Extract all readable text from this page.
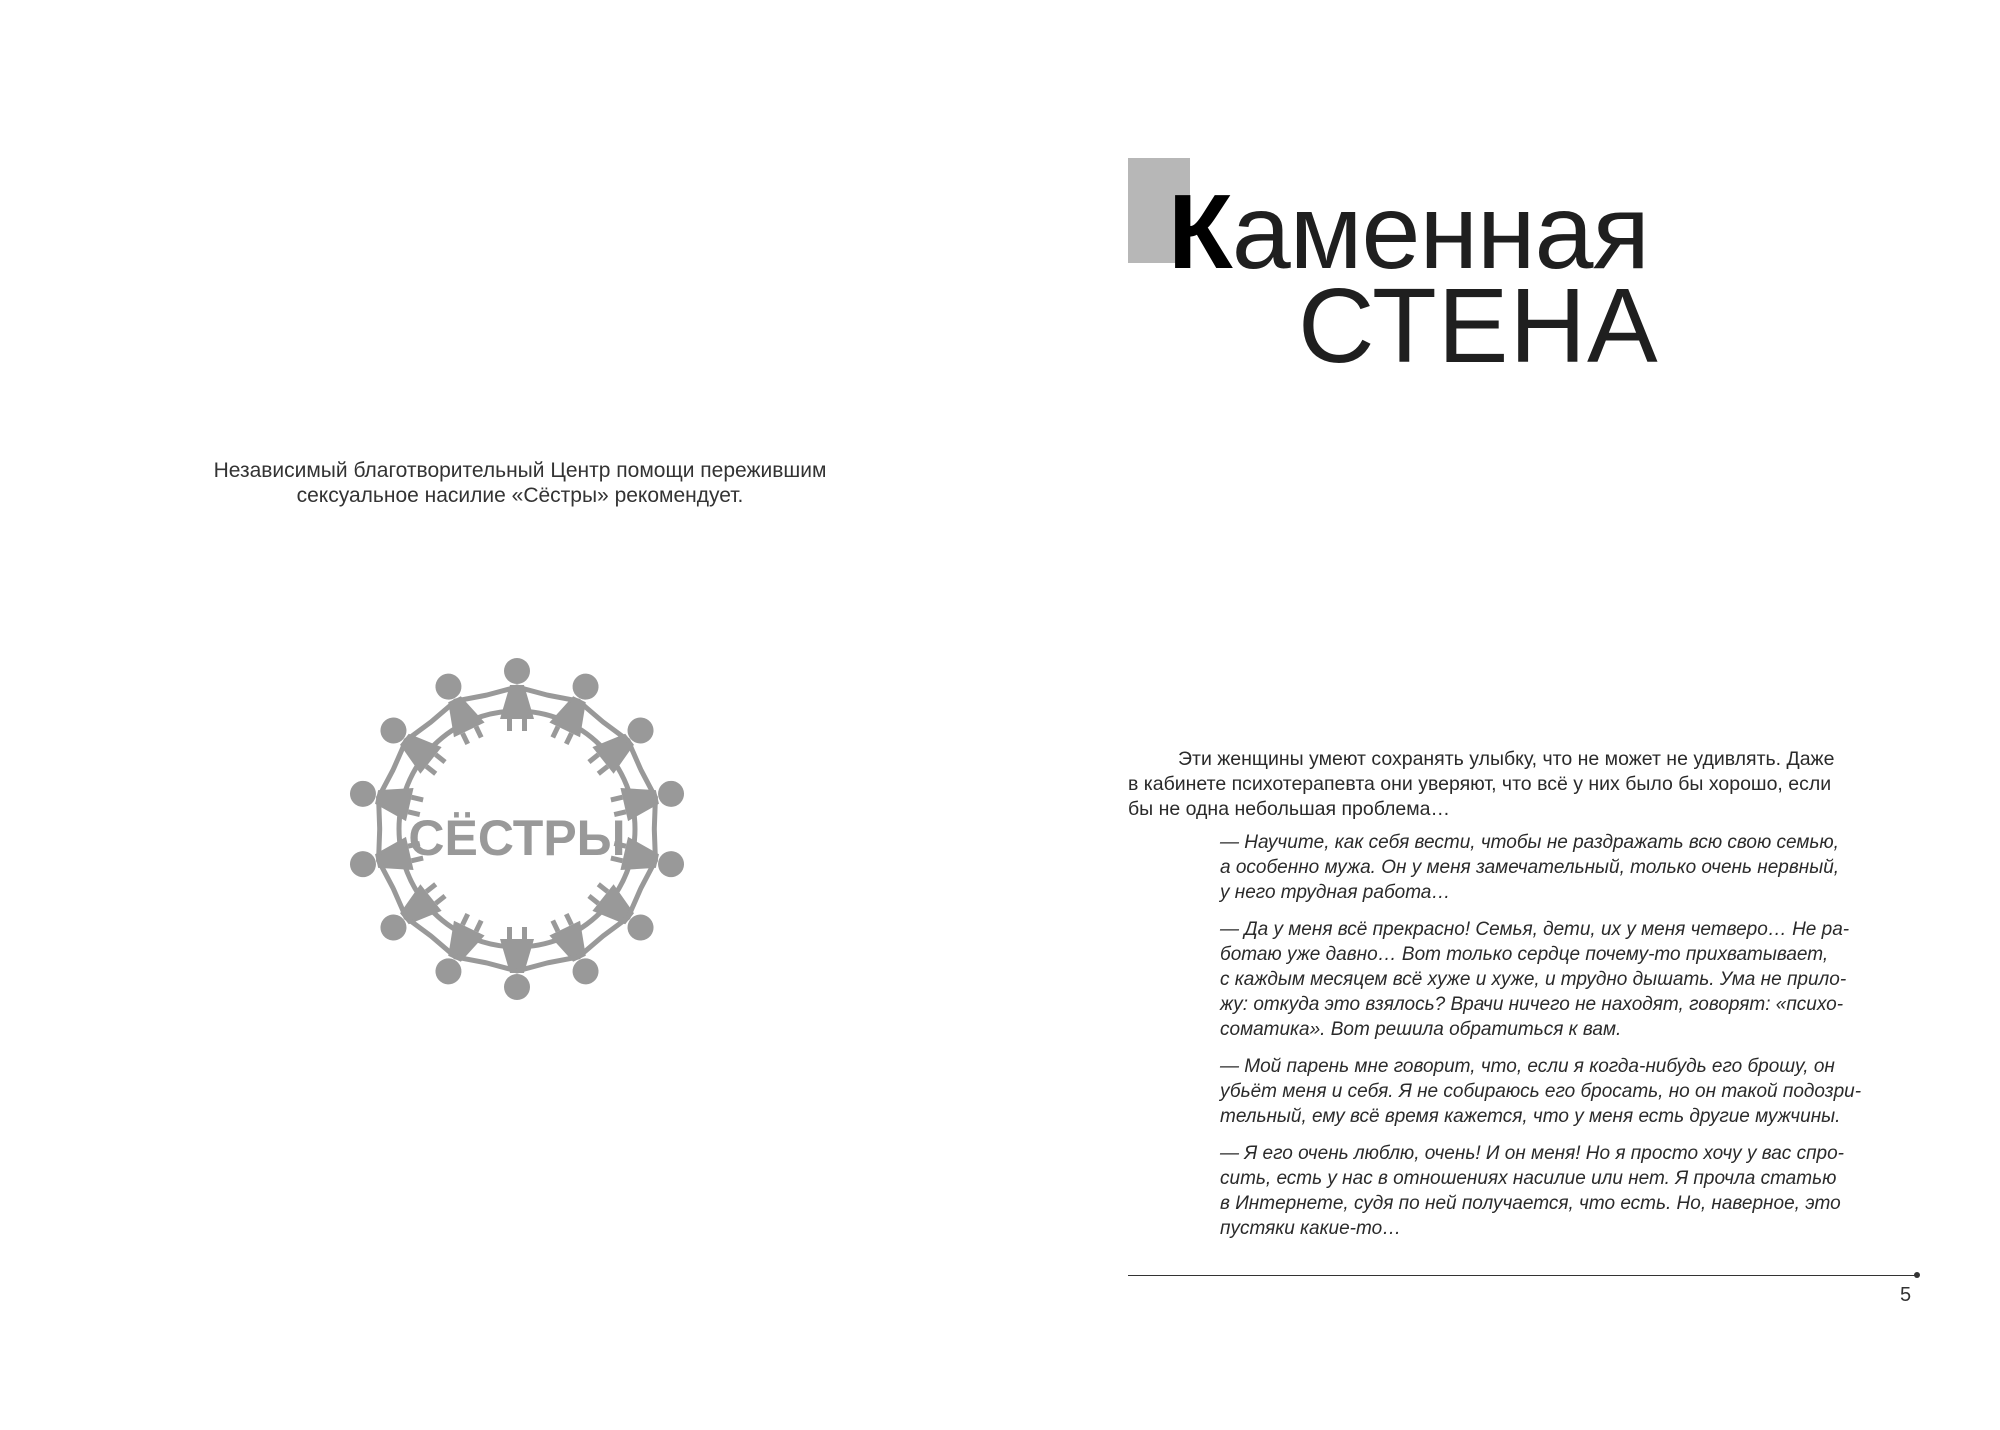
Независимый благотворительный Центр помощи пережившим
сексуальное насилие «Сёстры» рекомендует.
СЁСТРЫ
Каменная
СТЕНА
Эти женщины умеют сохранять улыбку, что не может не удивлять. Даже
в кабинете психотерапевта они уверяют, что всё у них было бы хорошо, если
бы не одна небольшая проблема…
— Научите, как себя вести, чтобы не раздражать всю свою семью,
а особенно мужа. Он у меня замечательный, только очень нервный,
у него трудная работа…
— Да у меня всё прекрасно! Семья, дети, их у меня четверо… Не ра-
ботаю уже давно… Вот только сердце почему-то прихватывает,
с каждым месяцем всё хуже и хуже, и трудно дышать. Ума не прило-
жу: откуда это взялось? Врачи ничего не находят, говорят: «психо-
соматика». Вот решила обратиться к вам.
— Мой парень мне говорит, что, если я когда-нибудь его брошу, он
убьёт меня и себя. Я не собираюсь его бросать, но он такой подозри-
тельный, ему всё время кажется, что у меня есть другие мужчины.
— Я его очень люблю, очень! И он меня! Но я просто хочу у вас спро-
сить, есть у нас в отношениях насилие или нет. Я прочла статью
в Интернете, судя по ней получается, что есть. Но, наверное, это
пустяки какие-то…
5
